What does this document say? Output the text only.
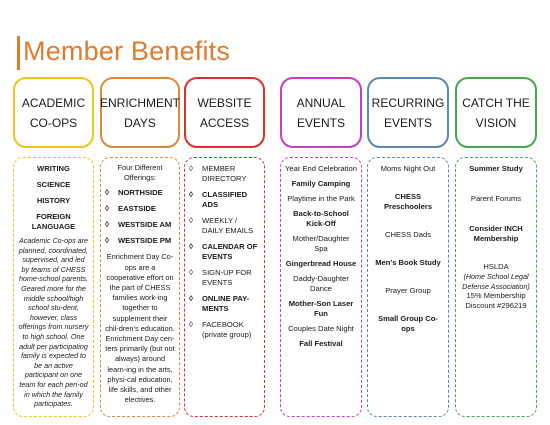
Member Benefits
ACADEMIC
CO-OPS
ENRICHMENT
DAYS
WEBSITE
ACCESS
ANNUAL
EVENTS
RECURRING
EVENTS
CATCH THE
VISION
WRITING
SCIENCE
HISTORY
FOREIGN LANGUAGE
Academic Co-ops are planned, coordinated, supervised, and led by teams of CHESS home-school parents. Geared more for the middle school/high school stu-dent, however, class offerings from nursery to high school. One adult per participating family is expected to be an active participant on one team for each peri-od in which the family participates.
Four Different Offerings:
◊	NORTHSIDE
◊	EASTSIDE
◊	WESTSIDE AM
◊	WESTSIDE PM
Enrichment Day Co-ops are a cooperative effort on the part of CHESS families work-ing together to supplement their chil-dren's education.
Enrichment Day cen-ters primarily (but not always) around learn-ing in the arts, physi-cal education, life skills, and other electives.
◊	MEMBER DIRECTORY
◊	CLASSIFIED ADS
◊	WEEKLY / DAILY EMAILS
◊	CALENDAR OF EVENTS
◊	SIGN-UP FOR EVENTS
◊	ONLINE PAY-MENTS
◊	FACEBOOK (private group)
Year End Celebration
Family Camping
Playtime in the Park
Back-to-School Kick-Off
Mother/Daughter Spa
Gingerbread House
Daddy-Daughter Dance
Mother-Son Laser Fun
Couples Date Night
Fall Festival
Moms Night Out
CHESS Preschoolers
CHESS Dads
Men's Book Study
Prayer Group
Small Group Co-ops
Summer Study
Parent Forums
Consider INCH Membership
HSLDA
(Home School Legal Defense Association)
15% Membership Discount #296219
